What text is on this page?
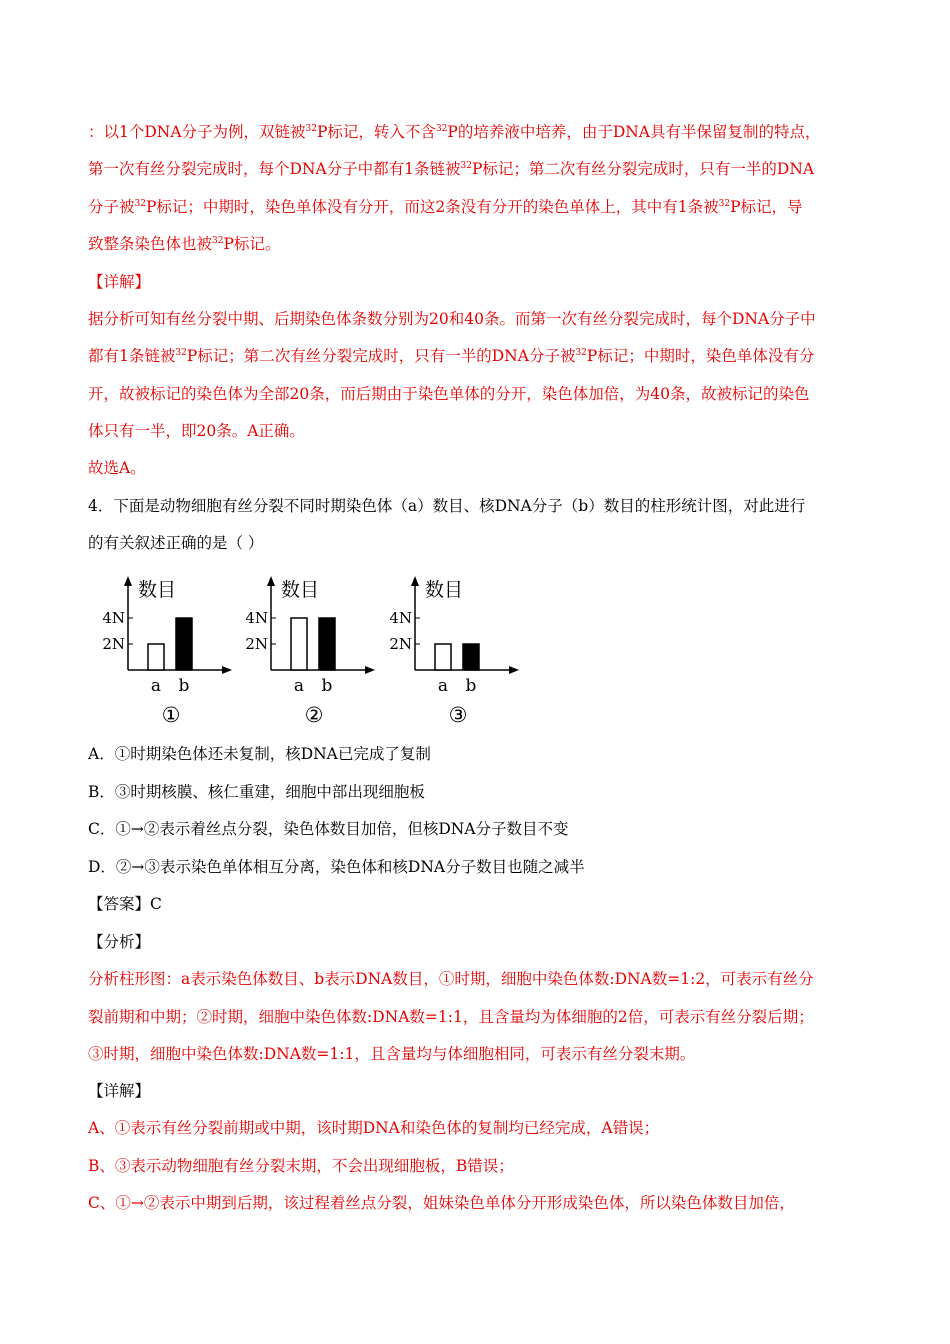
：以1个DNA分子为例，双链被$^{32}$P标记，转入不含$^{32}$P的培养液中培养，由于DNA具有半保留复制的特点，
第一次有丝分裂完成时，每个DNA分子中都有1条链被$^{32}$P标记；第二次有丝分裂完成时，只有一半的DNA
分子被$^{32}$P标记；中期时，染色单体没有分开，而这2条没有分开的染色单体上，其中有1条被$^{32}$P标记，导
致整条染色体也被$^{32}$P标记。
【详解】
据分析可知有丝分裂中期、后期染色体条数分别为20和40条。而第一次有丝分裂完成时，每个DNA分子中
都有1条链被$^{32}$P标记；第二次有丝分裂完成时，只有一半的DNA分子被$^{32}$P标记；中期时，染色单体没有分
开，故被标记的染色体为全部20条，而后期由于染色单体的分开，染色体加倍，为40条，故被标记的染色
体只有一半，即20条。A正确。
故选A。
4．下面是动物细胞有丝分裂不同时期染色体（a）数目、核DNA分子（b）数目的柱形统计图，对此进行
的有关叙述正确的是（ ）
数目
4N
2N
a b
①
数目
4N
2N
a b
②
数目
4N
2N
a b
③
A．①时期染色体还未复制，核DNA已完成了复制
B．③时期核膜、核仁重建，细胞中部出现细胞板
C．①→②表示着丝点分裂，染色体数目加倍，但核DNA分子数目不变
D．②→③表示染色单体相互分离，染色体和核DNA分子数目也随之减半
【答案】C
【分析】
分析柱形图：a表示染色体数目、b表示DNA数目，①时期，细胞中染色体数:DNA数=1:2，可表示有丝分
裂前期和中期；②时期，细胞中染色体数:DNA数=1:1，且含量均为体细胞的2倍，可表示有丝分裂后期；
③时期，细胞中染色体数:DNA数=1:1，且含量均与体细胞相同，可表示有丝分裂末期。
【详解】
A、①表示有丝分裂前期或中期，该时期DNA和染色体的复制均已经完成，A错误；
B、③表示动物细胞有丝分裂末期，不会出现细胞板，B错误；
C、①→②表示中期到后期，该过程着丝点分裂，姐妹染色单体分开形成染色体，所以染色体数目加倍，
